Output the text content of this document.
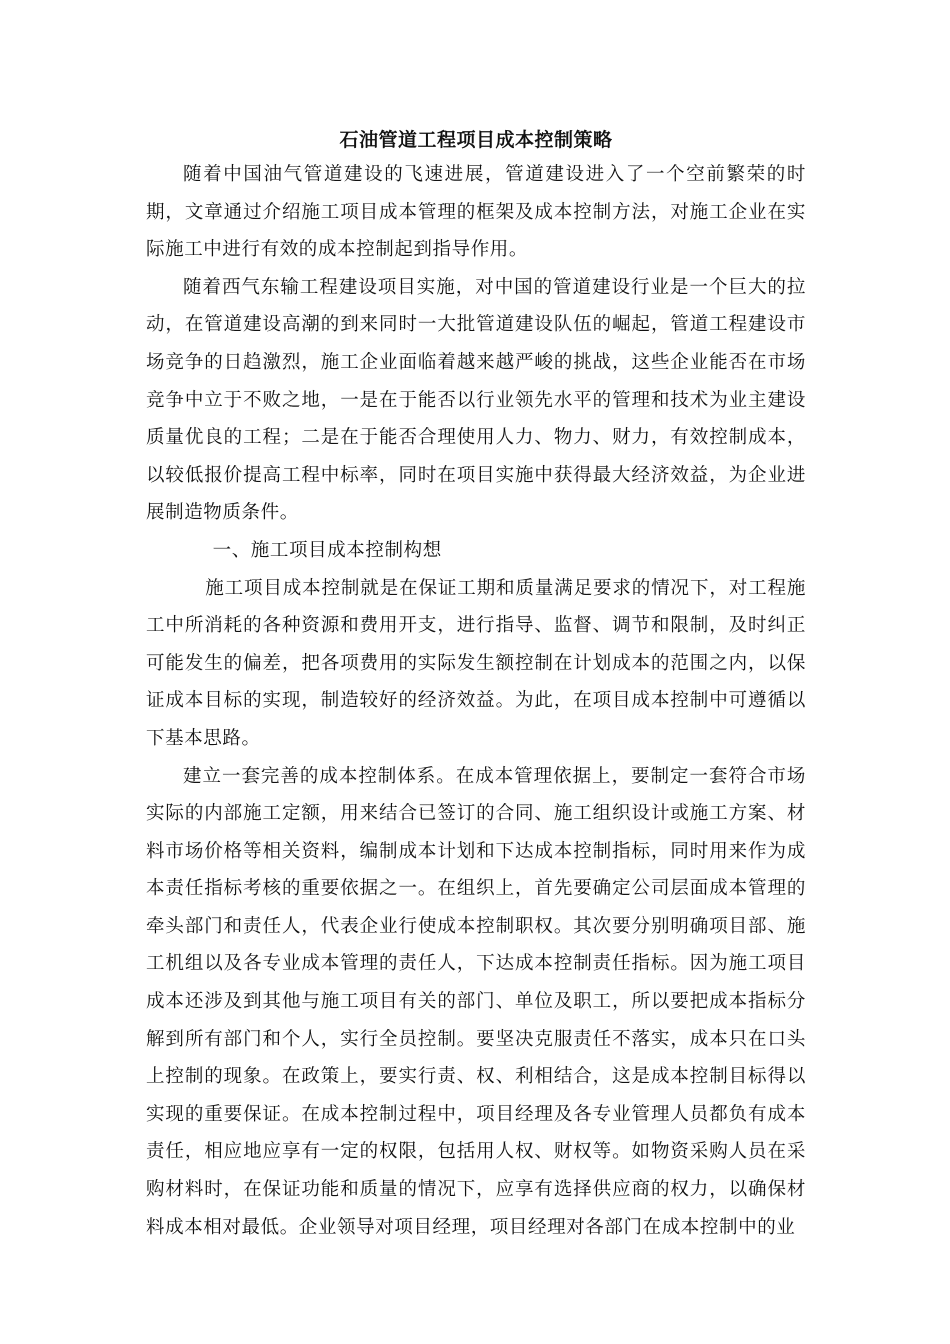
石油管道工程项目成本控制策略

随着中国油气管道建设的飞速进展，管道建设进入了一个空前繁荣的时期，文章通过介绍施工项目成本管理的框架及成本控制方法，对施工企业在实际施工中进行有效的成本控制起到指导作用。

随着西气东输工程建设项目实施，对中国的管道建设行业是一个巨大的拉动，在管道建设高潮的到来同时一大批管道建设队伍的崛起，管道工程建设市场竞争的日趋激烈，施工企业面临着越来越严峻的挑战，这些企业能否在市场竞争中立于不败之地，一是在于能否以行业领先水平的管理和技术为业主建设质量优良的工程；二是在于能否合理使用人力、物力、财力，有效控制成本，以较低报价提高工程中标率，同时在项目实施中获得最大经济效益，为企业进展制造物质条件。

一、施工项目成本控制构想

施工项目成本控制就是在保证工期和质量满足要求的情况下，对工程施工中所消耗的各种资源和费用开支，进行指导、监督、调节和限制，及时纠正可能发生的偏差，把各项费用的实际发生额控制在计划成本的范围之内，以保证成本目标的实现，制造较好的经济效益。为此，在项目成本控制中可遵循以下基本思路。

建立一套完善的成本控制体系。在成本管理依据上，要制定一套符合市场实际的内部施工定额，用来结合已签订的合同、施工组织设计或施工方案、材料市场价格等相关资料，编制成本计划和下达成本控制指标，同时用来作为成本责任指标考核的重要依据之一。在组织上，首先要确定公司层面成本管理的牵头部门和责任人，代表企业行使成本控制职权。其次要分别明确项目部、施工机组以及各专业成本管理的责任人，下达成本控制责任指标。因为施工项目成本还涉及到其他与施工项目有关的部门、单位及职工，所以要把成本指标分解到所有部门和个人，实行全员控制。要坚决克服责任不落实，成本只在口头上控制的现象。在政策上，要实行责、权、利相结合，这是成本控制目标得以实现的重要保证。在成本控制过程中，项目经理及各专业管理人员都负有成本责任，相应地应享有一定的权限，包括用人权、财权等。如物资采购人员在采购材料时，在保证功能和质量的情况下，应享有选择供应商的权力，以确保材料成本相对最低。企业领导对项目经理，项目经理对各部门在成本控制中的业
